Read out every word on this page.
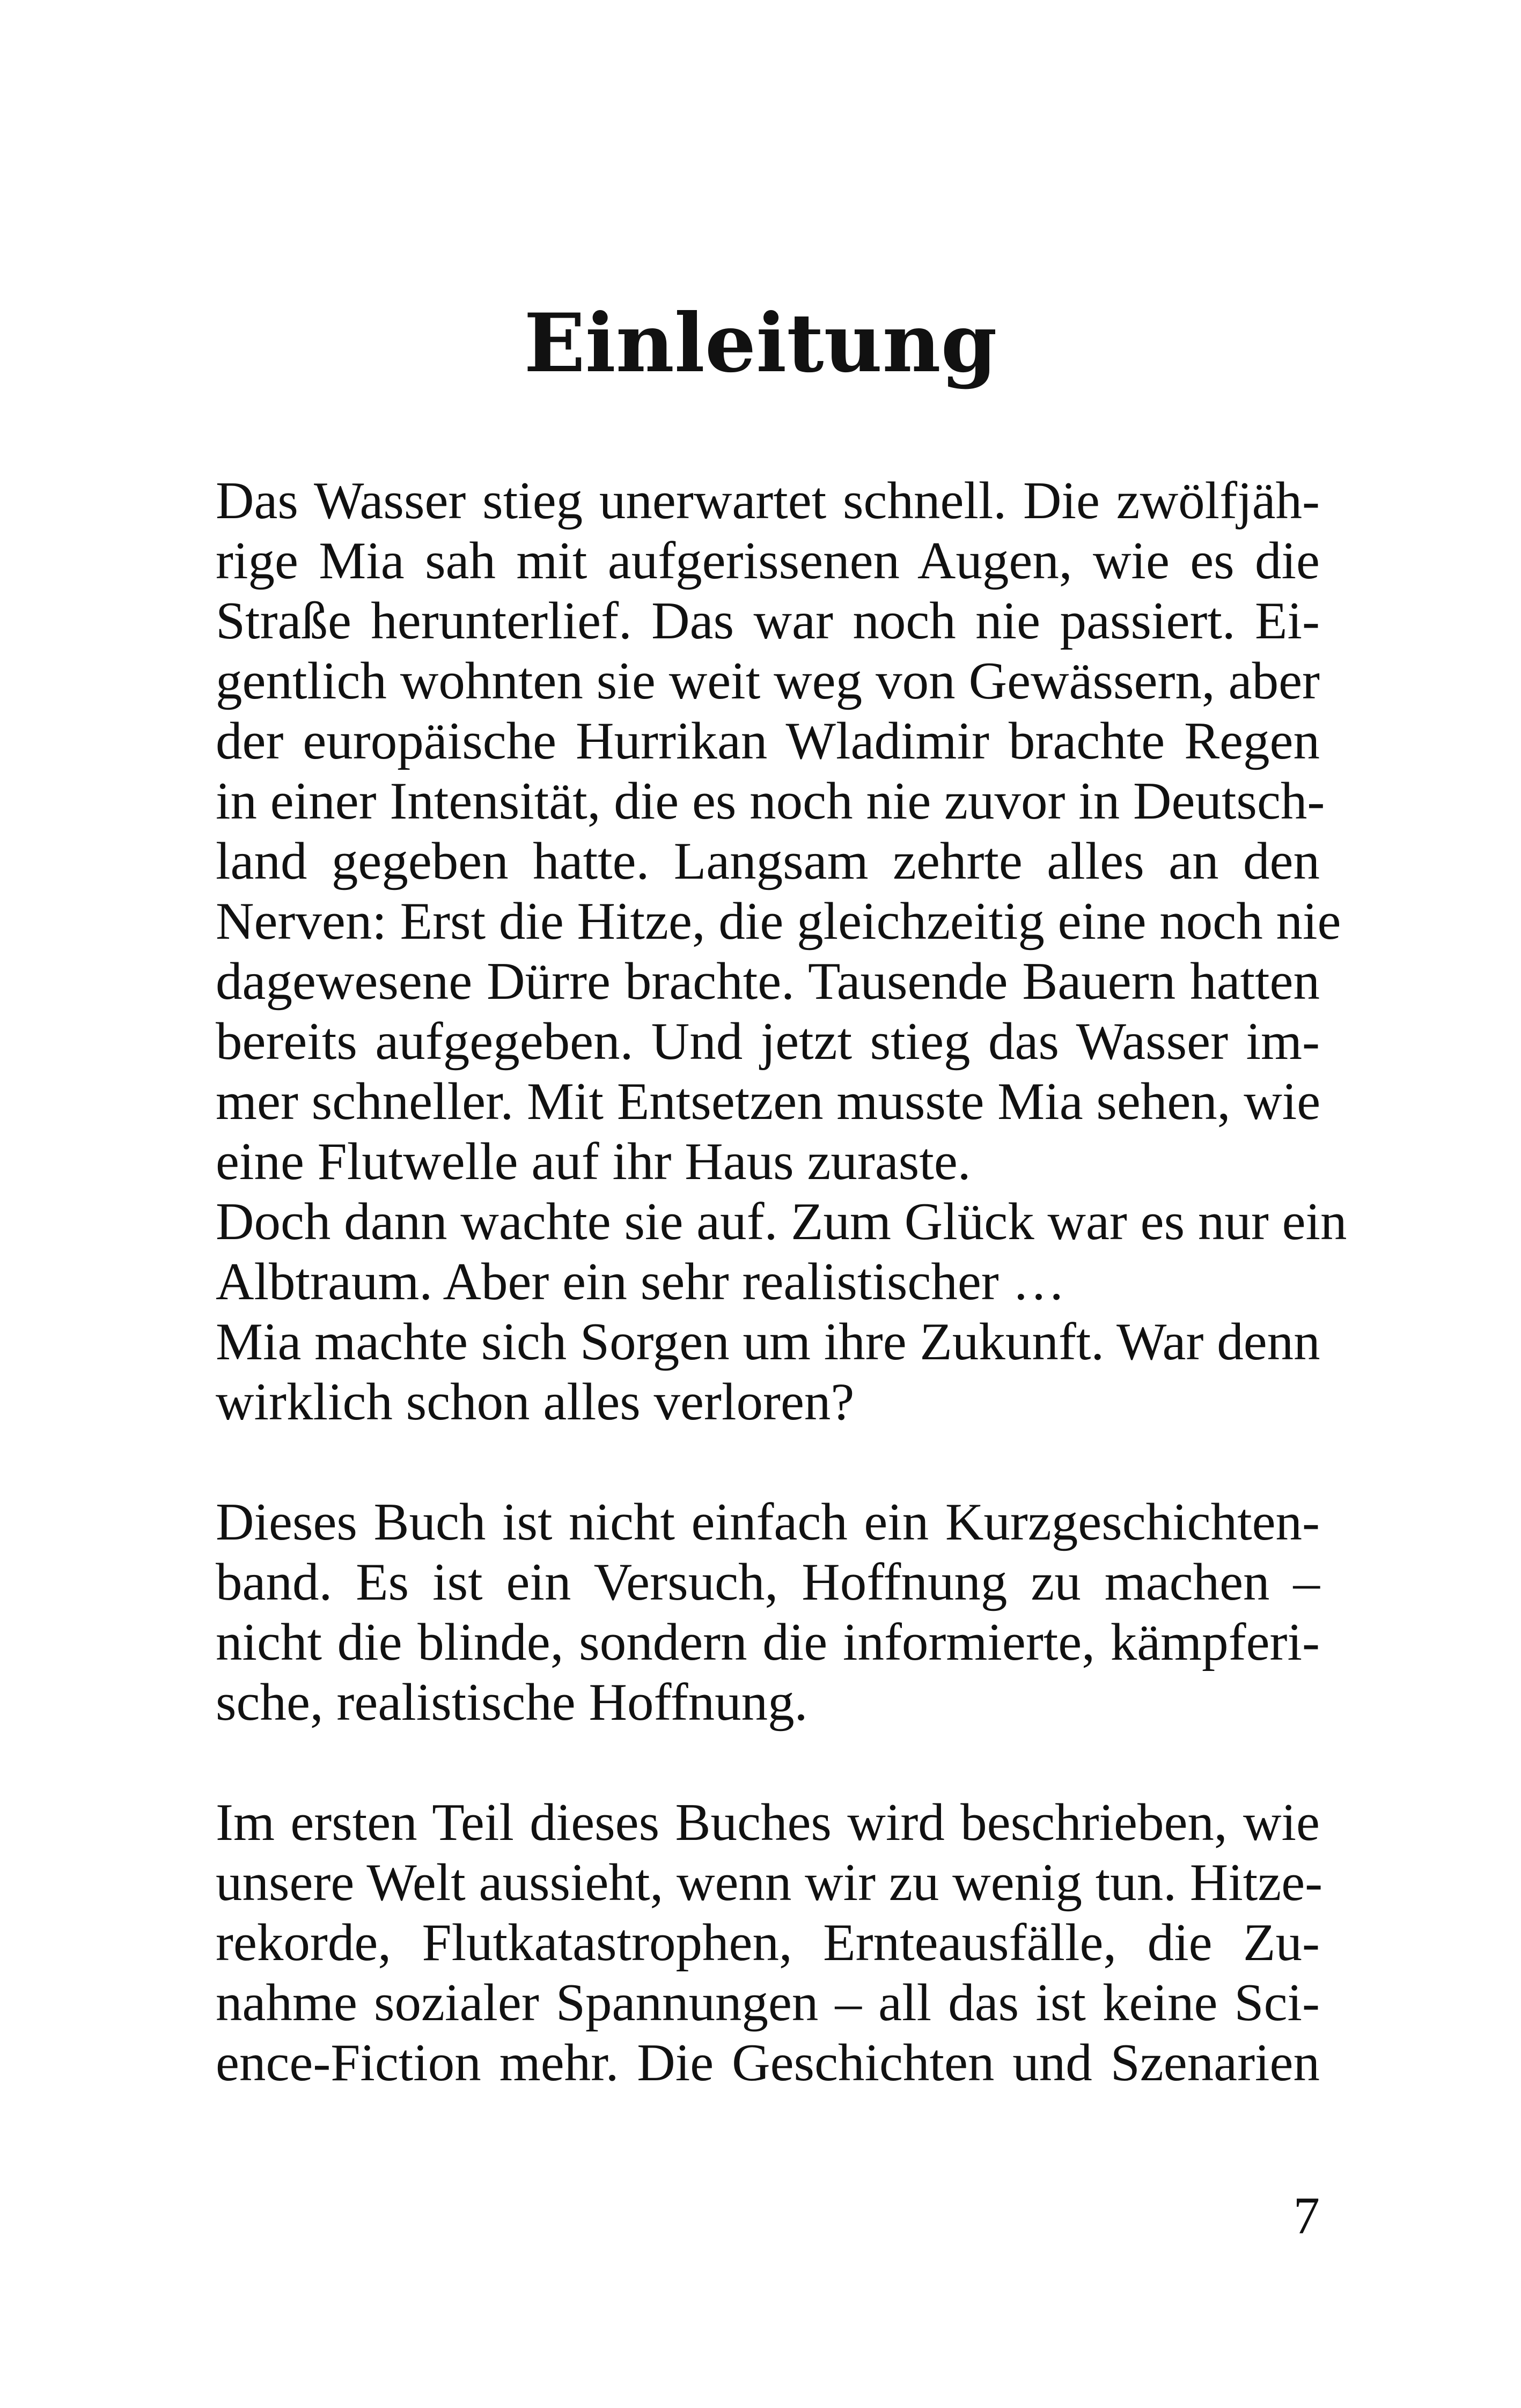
Einleitung
Das Wasser stieg unerwartet schnell. Die zwölfjäh-
rige Mia sah mit aufgerissenen Augen, wie es die
Straße herunterlief. Das war noch nie passiert. Ei-
gentlich wohnten sie weit weg von Gewässern, aber
der europäische Hurrikan Wladimir brachte Regen
in einer Intensität, die es noch nie zuvor in Deutsch-
land gegeben hatte. Langsam zehrte alles an den
Nerven: Erst die Hitze, die gleichzeitig eine noch nie
dagewesene Dürre brachte. Tausende Bauern hatten
bereits aufgegeben. Und jetzt stieg das Wasser im-
mer schneller. Mit Entsetzen musste Mia sehen, wie
eine Flutwelle auf ihr Haus zuraste.
Doch dann wachte sie auf. Zum Glück war es nur ein
Albtraum. Aber ein sehr realistischer …
Mia machte sich Sorgen um ihre Zukunft. War denn
wirklich schon alles verloren?
Dieses Buch ist nicht einfach ein Kurzgeschichten-
band. Es ist ein Versuch, Hoffnung zu machen –
nicht die blinde, sondern die informierte, kämpferi-
sche, realistische Hoffnung.
Im ersten Teil dieses Buches wird beschrieben, wie
unsere Welt aussieht, wenn wir zu wenig tun. Hitze-
rekorde, Flutkatastrophen, Ernteausfälle, die Zu-
nahme sozialer Spannungen – all das ist keine Sci-
ence-Fiction mehr. Die Geschichten und Szenarien
7
